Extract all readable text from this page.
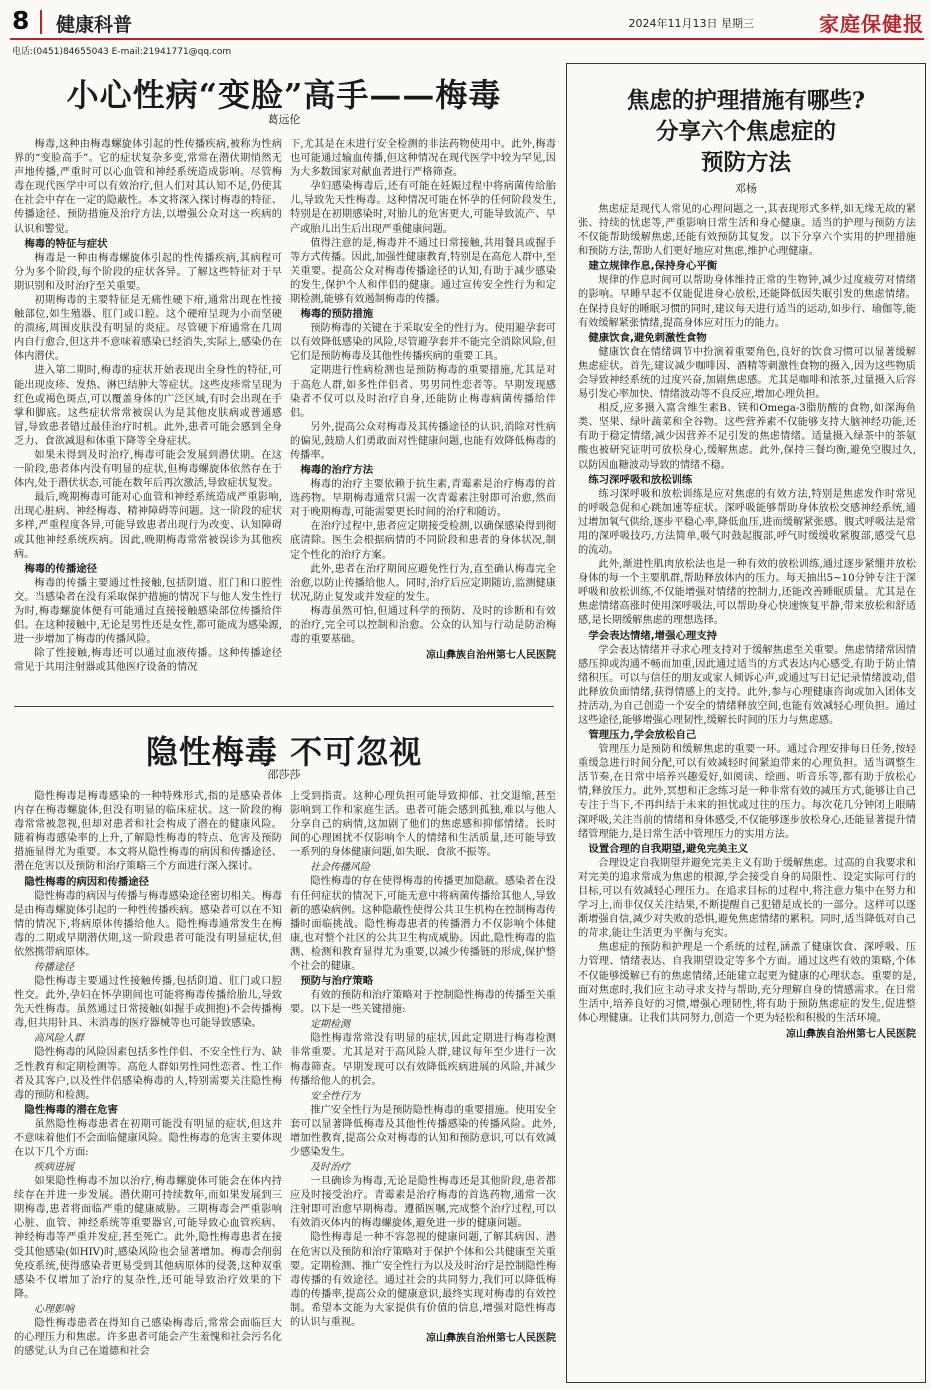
8 健康科普	2024年11月13日 星期三	家庭保健报
电话:(0451)84655043 E-mail:21941771@qq.com
小心性病“变脸”高手——梅毒
葛远伦

梅毒,这种由梅毒螺旋体引起的性传播疾病,被称为性病界的“变脸高手”。它的症状复杂多变,常常在潜伏期悄然无声地传播,严重时可以心血管和神经系统造成影响。尽管梅毒在现代医学中可以有效治疗,但人们对其认知不足,仍使其在社会中存在一定的隐蔽性。本文将深入探讨梅毒的特征、传播途径、预防措施及治疗方法,以增强公众对这一疾病的认识和警觉。

梅毒的特征与症状

梅毒是一种由梅毒螺旋体引起的性传播疾病,其病程可分为多个阶段,每个阶段的症状各异。了解这些特征对于早期识别和及时治疗至关重要。

初期梅毒的主要特征是无痛性硬下疳,通常出现在性接触部位,如生殖器、肛门或口腔。这个硬疳呈现为小而坚硬的溃疡,周围皮肤没有明显的炎症。尽管硬下疳通常在几周内自行愈合,但这并不意味着感染已经消失,实际上,感染仍在体内潜伏。

进入第二期时,梅毒的症状开始表现出全身性的特征,可能出现皮疹、发热、淋巴结肿大等症状。这些皮疹常呈现为红色或褐色斑点,可以覆盖身体的广泛区域,有时会出现在手掌和脚底。这些症状常常被误认为是其他皮肤病或普通感冒,导致患者错过最佳治疗时机。此外,患者可能会感到全身乏力、食欲减退和体重下降等全身症状。

如果未得到及时治疗,梅毒可能会发展到潜伏期。在这一阶段,患者体内没有明显的症状,但梅毒螺旋体依然存在于体内,处于潜伏状态,可能在数年后再次激活,导致症状复发。

最后,晚期梅毒可能对心血管和神经系统造成严重影响,出现心脏病、神经梅毒、精神障碍等问题。这一阶段的症状多样,严重程度各异,可能导致患者出现行为改变、认知障碍或其他神经系统疾病。因此,晚期梅毒常常被误诊为其他疾病。

梅毒的传播途径

梅毒的传播主要通过性接触,包括阴道、肛门和口腔性交。当感染者在没有采取保护措施的情况下与他人发生性行为时,梅毒螺旋体便有可能通过直接接触感染部位传播给伴侣。在这种接触中,无论是男性还是女性,都可能成为感染源,进一步增加了梅毒的传播风险。

除了性接触,梅毒还可以通过血液传播。这种传播途径常见于共用注射器或其他医疗设备的情况

下,尤其是在未进行安全检测的非法药物使用中。此外,梅毒也可能通过输血传播,但这种情况在现代医学中较为罕见,因为大多数国家对献血者进行严格筛查。

孕妇感染梅毒后,还有可能在妊娠过程中将病菌传给胎儿,导致先天性梅毒。这种情况可能在怀孕的任何阶段发生,特别是在初期感染时,对胎儿的危害更大,可能导致流产、早产或胎儿出生后出现严重健康问题。

值得注意的是,梅毒并不通过日常接触,共用餐具或握手等方式传播。因此,加强性健康教育,特别是在高危人群中,至关重要。提高公众对梅毒传播途径的认知,有助于减少感染的发生,保护个人和伴侣的健康。通过宣传安全性行为和定期检测,能够有效遏制梅毒的传播。

梅毒的预防措施

预防梅毒的关键在于采取安全的性行为。使用避孕套可以有效降低感染的风险,尽管避孕套并不能完全消除风险,但它们是预防梅毒及其他性传播疾病的重要工具。

定期进行性病检测也是预防梅毒的重要措施,尤其是对于高危人群,如多性伴侣者、男男同性恋者等。早期发现感染者不仅可以及时治疗自身,还能防止梅毒病菌传播给伴侣。

另外,提高公众对梅毒及其传播途径的认识,消除对性病的偏见,鼓励人们勇敢面对性健康问题,也能有效降低梅毒的传播率。

梅毒的治疗方法

梅毒的治疗主要依赖于抗生素,青霉素是治疗梅毒的首选药物。早期梅毒通常只需一次青霉素注射即可治愈,然而对于晚期梅毒,可能需要更长时间的治疗和随访。

在治疗过程中,患者应定期接受检测,以确保感染得到彻底清除。医生会根据病情的不同阶段和患者的身体状况,制定个性化的治疗方案。

此外,患者在治疗期间应避免性行为,直至确认梅毒完全治愈,以防止传播给他人。同时,治疗后应定期随访,监测健康状况,防止复发或并发症的发生。

梅毒虽然可怕,但通过科学的预防、及时的诊断和有效的治疗,完全可以控制和治愈。公众的认知与行动是防治梅毒的重要基础。

凉山彝族自治州第七人民医院

隐性梅毒 不可忽视
邵莎莎

隐性梅毒是梅毒感染的一种特殊形式,指的是感染者体内存在梅毒螺旋体,但没有明显的临床症状。这一阶段的梅毒常常被忽视,但却对患者和社会构成了潜在的健康风险。随着梅毒感染率的上升,了解隐性梅毒的特点、危害及预防措施显得尤为重要。本文将从隐性梅毒的病因和传播途径、潜在危害以及预防和治疗策略三个方面进行深入探讨。

隐性梅毒的病因和传播途径

隐性梅毒的病因与传播与梅毒感染途径密切相关。梅毒是由梅毒螺旋体引起的一种性传播疾病。感染者可以在不知情的情况下,将病原体传播给他人。隐性梅毒通常发生在梅毒的二期或早期潜伏期,这一阶段患者可能没有明显症状,但依然携带病原体。

传播途径

隐性梅毒主要通过性接触传播,包括阴道、肛门或口腔性交。此外,孕妇在怀孕期间也可能将梅毒传播给胎儿,导致先天性梅毒。虽然通过日常接触(如握手或拥抱)不会传播梅毒,但共用针具、未消毒的医疗器械等也可能导致感染。

高风险人群

隐性梅毒的风险因素包括多性伴侣、不安全性行为、缺乏性教育和定期检测等。高危人群如男性同性恋者、性工作者及其客户,以及性伴侣感染梅毒的人,特别需要关注隐性梅毒的预防和检测。

隐性梅毒的潜在危害

虽然隐性梅毒患者在初期可能没有明显的症状,但这并不意味着他们不会面临健康风险。隐性梅毒的危害主要体现在以下几个方面:

疾病进展

如果隐性梅毒不加以治疗,梅毒螺旋体可能会在体内持续存在并进一步发展。潜伏期可持续数年,而如果发展到三期梅毒,患者将面临严重的健康威胁。三期梅毒会严重影响心脏、血管、神经系统等重要器官,可能导致心血管疾病、神经梅毒等严重并发症,甚至死亡。此外,隐性梅毒患者在接受其他感染(如HIV)时,感染风险也会显著增加。梅毒会削弱免疫系统,使得感染者更易受到其他病原体的侵袭,这种双重感染不仅增加了治疗的复杂性,还可能导致治疗效果的下降。

心理影响

隐性梅毒患者在得知自己感染梅毒后,常常会面临巨大的心理压力和焦虑。许多患者可能会产生羞愧和社会污名化的感觉,认为自己在道德和社会

上受到指责。这种心理负担可能导致抑郁、社交退缩,甚至影响到工作和家庭生活。患者可能会感到孤独,难以与他人分享自己的病情,这加剧了他们的焦虑感和抑郁情绪。长时间的心理困扰不仅影响个人的情绪和生活质量,还可能导致一系列的身体健康问题,如失眠、食欲不振等。

社会传播风险

隐性梅毒的存在使得梅毒的传播更加隐蔽。感染者在没有任何症状的情况下,可能无意中将病菌传播给其他人,导致新的感染病例。这种隐蔽性使得公共卫生机构在控制梅毒传播时面临挑战。隐性梅毒患者的传播潜力不仅影响个体健康,也对整个社区的公共卫生构成威胁。因此,隐性梅毒的监测、检测和教育显得尤为重要,以减少传播链的形成,保护整个社会的健康。

预防与治疗策略

有效的预防和治疗策略对于控制隐性梅毒的传播至关重要。以下是一些关键措施:

定期检测

隐性梅毒常常没有明显的症状,因此定期进行梅毒检测非常重要。尤其是对于高风险人群,建议每年至少进行一次梅毒筛查。早期发现可以有效降低疾病进展的风险,并减少传播给他人的机会。

安全性行为

推广安全性行为是预防隐性梅毒的重要措施。使用安全套可以显著降低梅毒及其他性传播感染的传播风险。此外,增加性教育,提高公众对梅毒的认知和预防意识,可以有效减少感染发生。

及时治疗

一旦确诊为梅毒,无论是隐性梅毒还是其他阶段,患者都应及时接受治疗。青霉素是治疗梅毒的首选药物,通常一次注射即可治愈早期梅毒。遵循医嘱,完成整个治疗过程,可以有效消灭体内的梅毒螺旋体,避免进一步的健康问题。

隐性梅毒是一种不容忽视的健康问题,了解其病因、潜在危害以及预防和治疗策略对于保护个体和公共健康至关重要。定期检测、推广安全性行为以及及时治疗是控制隐性梅毒传播的有效途径。通过社会的共同努力,我们可以降低梅毒的传播率,提高公众的健康意识,最终实现对梅毒的有效控制。希望本文能为大家提供有价值的信息,增强对隐性梅毒的认识与重视。

凉山彝族自治州第七人民医院

焦虑的护理措施有哪些?
分享六个焦虑症的
预防方法
邓杨

焦虑症是现代人常见的心理问题之一,其表现形式多样,如无缘无故的紧张、持续的忧虑等,严重影响日常生活和身心健康。适当的护理与预防方法不仅能帮助缓解焦虑,还能有效预防其复发。以下分享六个实用的护理措施和预防方法,帮助人们更好地应对焦虑,维护心理健康。

建立规律作息,保持身心平衡

规律的作息时间可以帮助身体维持正常的生物钟,减少过度疲劳对情绪的影响。早睡早起不仅能促进身心放松,还能降低因失眠引发的焦虑情绪。在保持良好的睡眠习惯的同时,建议每天进行适当的运动,如步行、瑜伽等,能有效缓解紧张情绪,提高身体应对压力的能力。

健康饮食,避免刺激性食物

健康饮食在情绪调节中扮演着重要角色,良好的饮食习惯可以显著缓解焦虑症状。首先,建议减少咖啡因、酒精等刺激性食物的摄入,因为这些物质会导致神经系统的过度兴奋,加剧焦虑感。尤其是咖啡和浓茶,过量摄入后容易引发心率加快、情绪波动等不良反应,增加心理负担。

相反,应多摄入富含维生素B、镁和Omega-3脂肪酸的食物,如深海鱼类、坚果、绿叶蔬菜和全谷物。这些营养素不仅能够支持大脑神经功能,还有助于稳定情绪,减少因营养不足引发的焦虑情绪。适量摄入绿茶中的茶氨酸也被研究证明可放松身心,缓解焦虑。此外,保持三餐均衡,避免空腹过久,以防因血糖波动导致的情绪不稳。

练习深呼吸和放松训练

练习深呼吸和放松训练是应对焦虑的有效方法,特别是焦虑发作时常见的呼吸急促和心跳加速等症状。深呼吸能够帮助身体放松交感神经系统,通过增加氧气供给,逐步平稳心率,降低血压,进而缓解紧张感。腹式呼吸法是常用的深呼吸技巧,方法简单,吸气时鼓起腹部,呼气时缓缓收紧腹部,感受气息的流动。

此外,渐进性肌肉放松法也是一种有效的放松训练,通过逐步紧绷并放松身体的每一个主要肌群,帮助释放体内的压力。每天抽出5~10分钟专注于深呼吸和放松训练,不仅能增强对情绪的控制力,还能改善睡眠质量。尤其是在焦虑情绪高涨时使用深呼吸法,可以帮助身心快速恢复平静,带来放松和舒适感,是长期缓解焦虑的理想选择。

学会表达情绪,增强心理支持

学会表达情绪并寻求心理支持对于缓解焦虑至关重要。焦虑情绪常因情感压抑或沟通不畅而加重,因此通过适当的方式表达内心感受,有助于防止情绪积压。可以与信任的朋友或家人倾诉心声,或通过写日记记录情绪波动,借此释放负面情绪,获得情感上的支持。此外,参与心理健康咨询或加入团体支持活动,为自己创造一个安全的情绪释放空间,也能有效减轻心理负担。通过这些途径,能够增强心理韧性,缓解长时间的压力与焦虑感。

管理压力,学会放松自己

管理压力是预防和缓解焦虑的重要一环。通过合理安排每日任务,按轻重缓急进行时间分配,可以有效减轻时间紧迫带来的心理负担。适当调整生活节奏,在日常中培养兴趣爱好,如阅读、绘画、听音乐等,都有助于放松心情,释放压力。此外,冥想和正念练习是一种非常有效的减压方式,能够让自己专注于当下,不再纠结于未来的担忧或过往的压力。每次花几分钟闭上眼睛深呼吸,关注当前的情绪和身体感受,不仅能够逐步放松身心,还能显著提升情绪管理能力,是日常生活中管理压力的实用方法。

设置合理的自我期望,避免完美主义

合理设定自我期望并避免完美主义有助于缓解焦虑。过高的自我要求和对完美的追求常成为焦虑的根源,学会接受自身的局限性、设定实际可行的目标,可以有效减轻心理压力。在追求目标的过程中,将注意力集中在努力和学习上,而非仅仅关注结果,不断提醒自己犯错是成长的一部分。这样可以逐渐增强自信,减少对失败的恐惧,避免焦虑情绪的累积。同时,适当降低对自己的苛求,能让生活更为平衡与充实。

焦虑症的预防和护理是一个系统的过程,涵盖了健康饮食、深呼吸、压力管理、情绪表达、自我期望设定等多个方面。通过这些有效的策略,个体不仅能够缓解已有的焦虑情绪,还能建立起更为健康的心理状态。重要的是,面对焦虑时,我们应主动寻求支持与帮助,充分理解自身的情感需求。在日常生活中,培养良好的习惯,增强心理韧性,将有助于预防焦虑症的发生,促进整体心理健康。让我们共同努力,创造一个更为轻松和积极的生活环境。

凉山彝族自治州第七人民医院
